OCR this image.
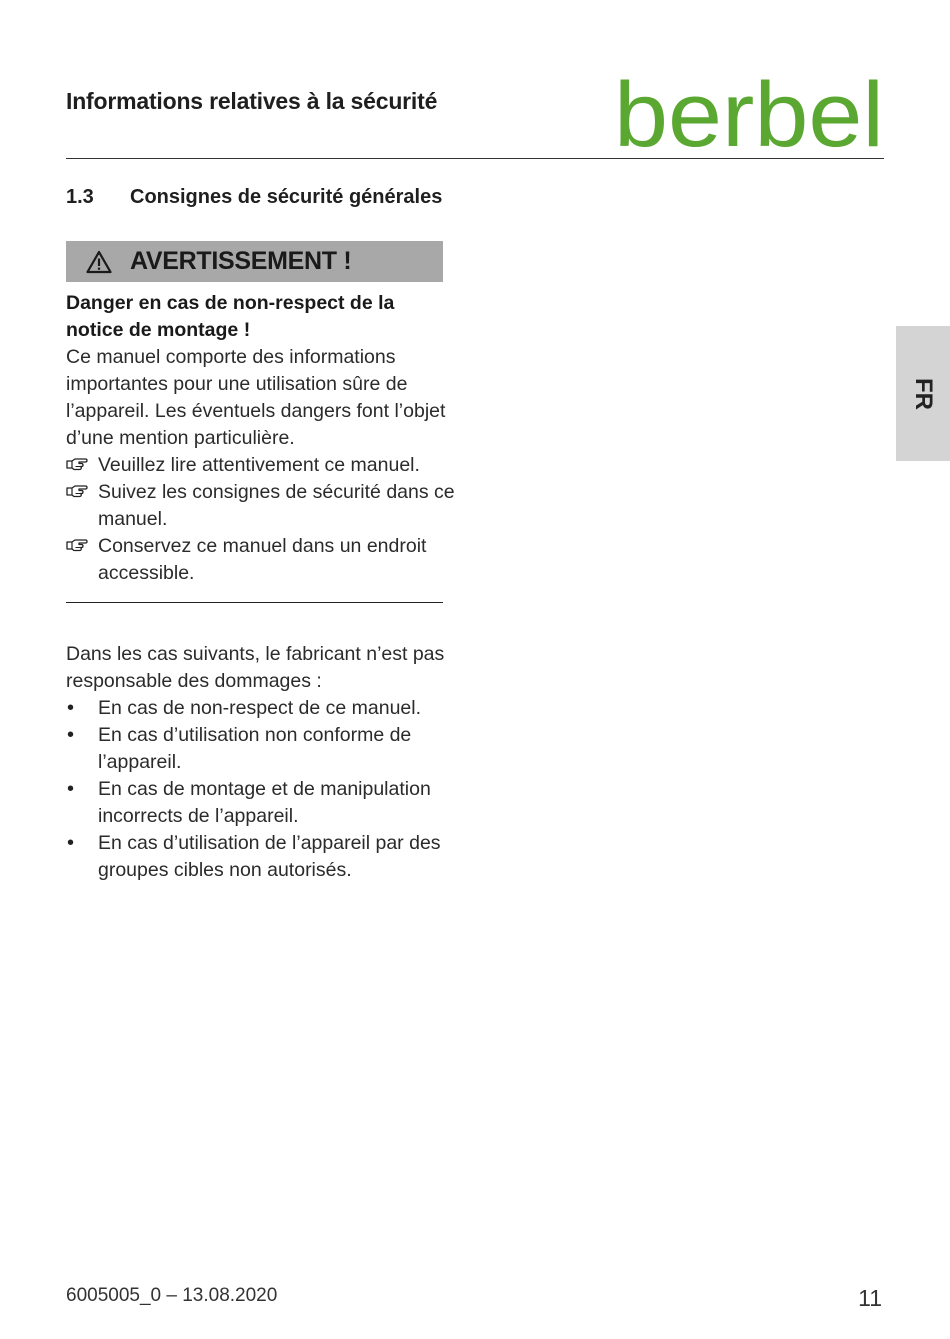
Informations relatives à la sécurité berbel
1.3 Consignes de sécurité générales
AVERTISSEMENT !
Danger en cas de non-respect de la
notice de montage !
Ce manuel comporte des informations importantes pour une utilisation sûre de l’appareil. Les éventuels dangers font l’objet d’une mention particulière.
Veuillez lire attentivement ce manuel.
Suivez les consignes de sécurité dans ce manuel.
Conservez ce manuel dans un endroit accessible.
Dans les cas suivants, le fabricant n’est pas responsable des dommages :
• En cas de non-respect de ce manuel.
• En cas d’utilisation non conforme de l’appareil.
• En cas de montage et de manipulation incorrects de l’appareil.
• En cas d’utilisation de l’appareil par des groupes cibles non autorisés.
FR
6005005_0 – 13.08.2020	11
